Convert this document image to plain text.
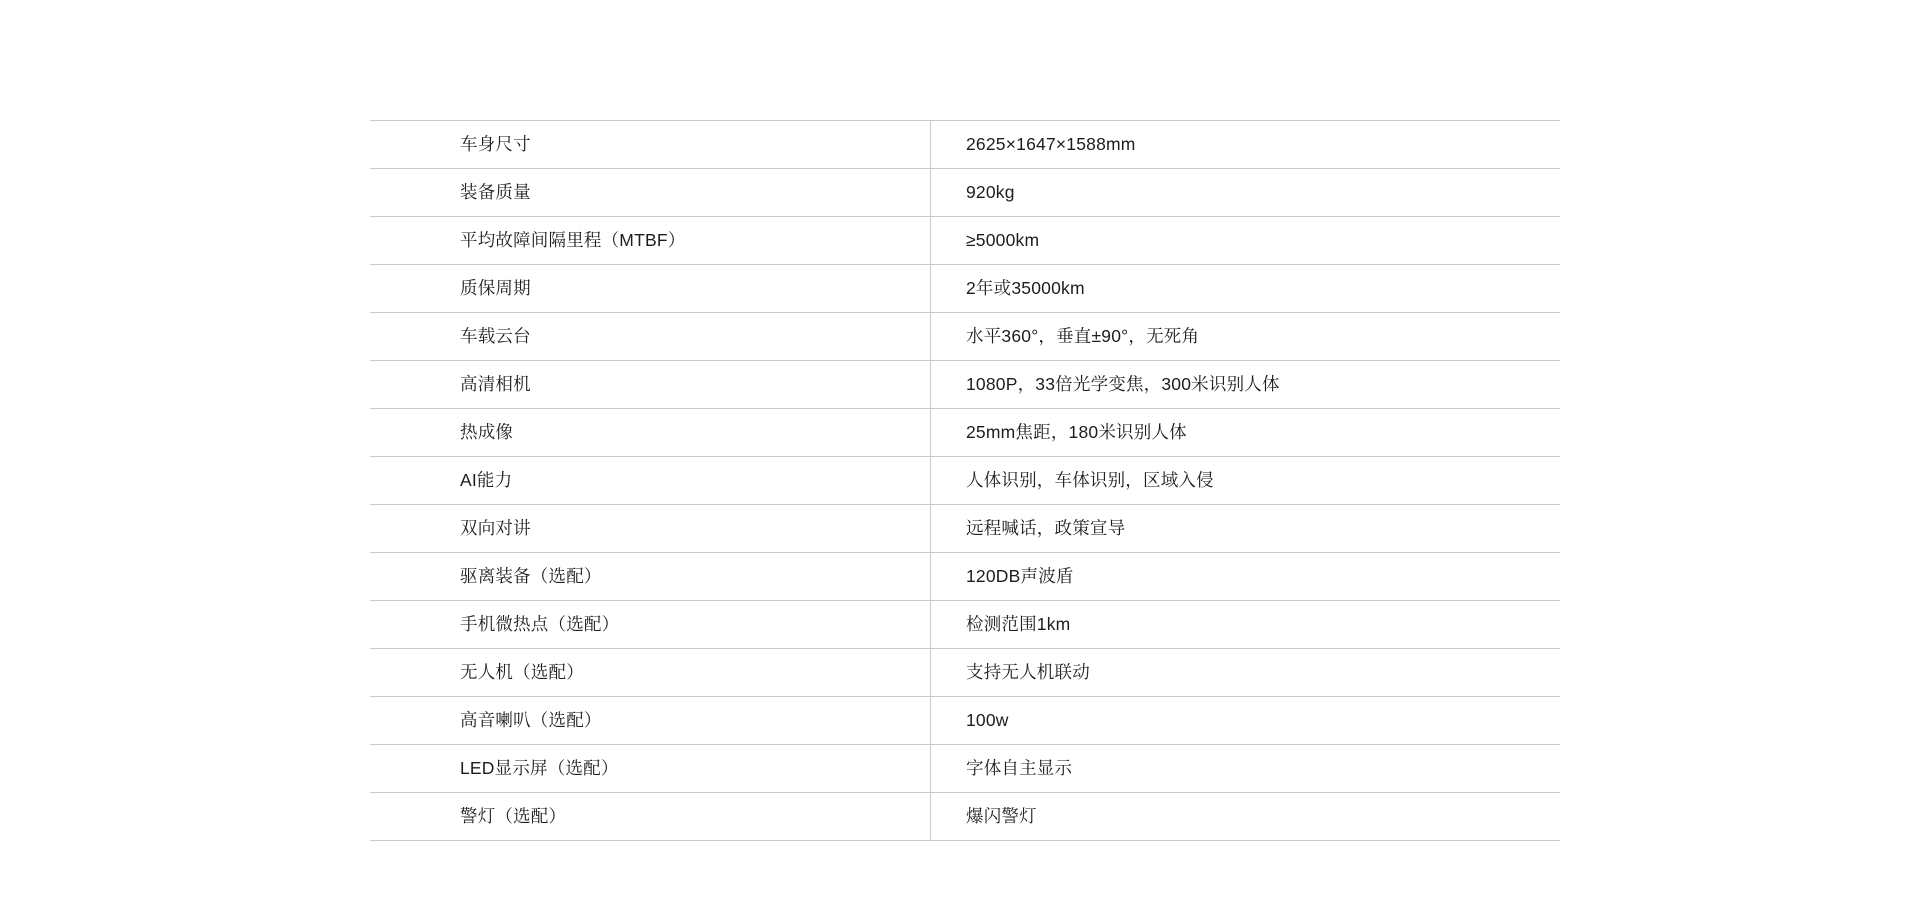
车身尺寸	2625×1647×1588mm
装备质量	920kg
平均故障间隔里程（MTBF）	≥5000km
质保周期	2年或35000km
车载云台	水平360°，垂直±90°，无死角
高清相机	1080P，33倍光学变焦，300米识别人体
热成像	25mm焦距，180米识别人体
AI能力	人体识别，车体识别，区域入侵
双向对讲	远程喊话，政策宣导
驱离装备（选配）	120DB声波盾
手机微热点（选配）	检测范围1km
无人机（选配）	支持无人机联动
高音喇叭（选配）	100w
LED显示屏（选配）	字体自主显示
警灯（选配）	爆闪警灯
